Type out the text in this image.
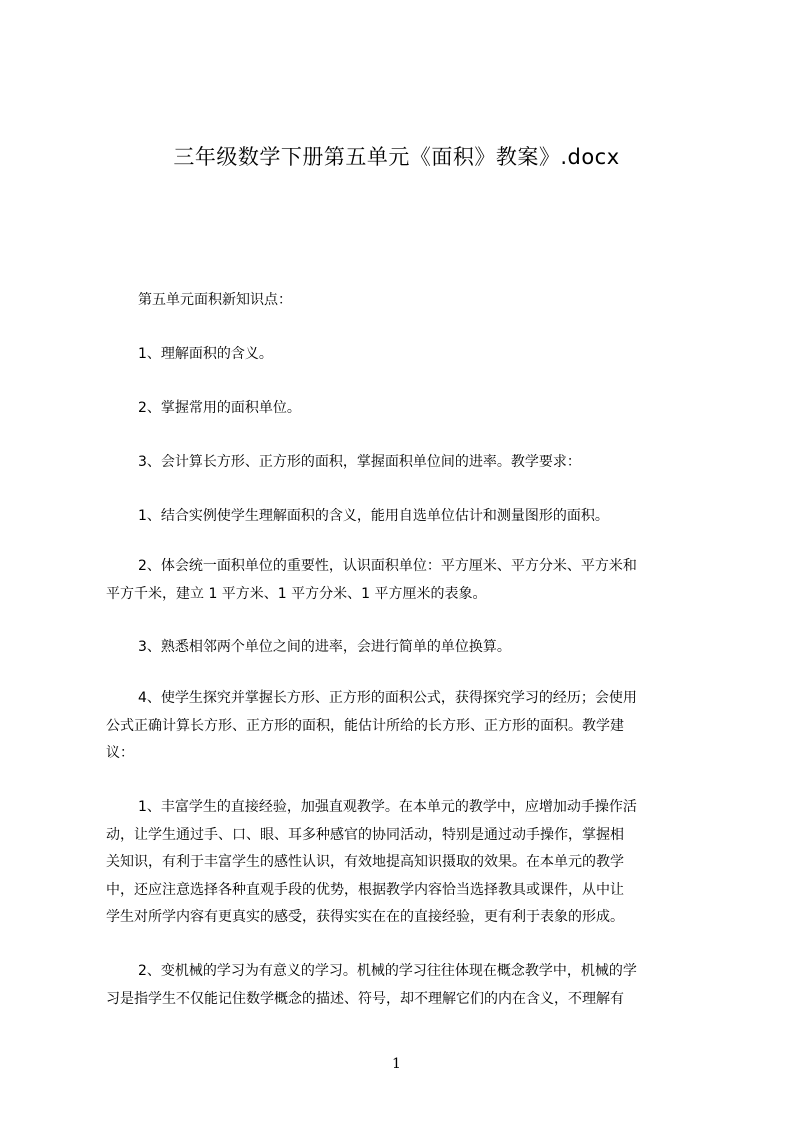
三年级数学下册第五单元《面积》教案》.docx
第五单元面积新知识点：
1、理解面积的含义。
2、掌握常用的面积单位。
3、会计算长方形、正方形的面积，掌握面积单位间的进率。教学要求：
1、结合实例使学生理解面积的含义，能用自选单位估计和测量图形的面积。
2、体会统一面积单位的重要性，认识面积单位：平方厘米、平方分米、平方米和
平方千米，建立 1 平方米、1 平方分米、1 平方厘米的表象。
3、熟悉相邻两个单位之间的进率，会进行简单的单位换算。
4、使学生探究并掌握长方形、正方形的面积公式，获得探究学习的经历；会使用
公式正确计算长方形、正方形的面积，能估计所给的长方形、正方形的面积。教学建
议：
1、丰富学生的直接经验，加强直观教学。在本单元的教学中，应增加动手操作活
动，让学生通过手、口、眼、耳多种感官的协同活动，特别是通过动手操作，掌握相
关知识，有利于丰富学生的感性认识，有效地提高知识摄取的效果。在本单元的教学
中，还应注意选择各种直观手段的优势，根据教学内容恰当选择教具或课件，从中让
学生对所学内容有更真实的感受，获得实实在在的直接经验，更有利于表象的形成。
2、变机械的学习为有意义的学习。机械的学习往往体现在概念教学中，机械的学
习是指学生不仅能记住数学概念的描述、符号，却不理解它们的内在含义，不理解有
1
